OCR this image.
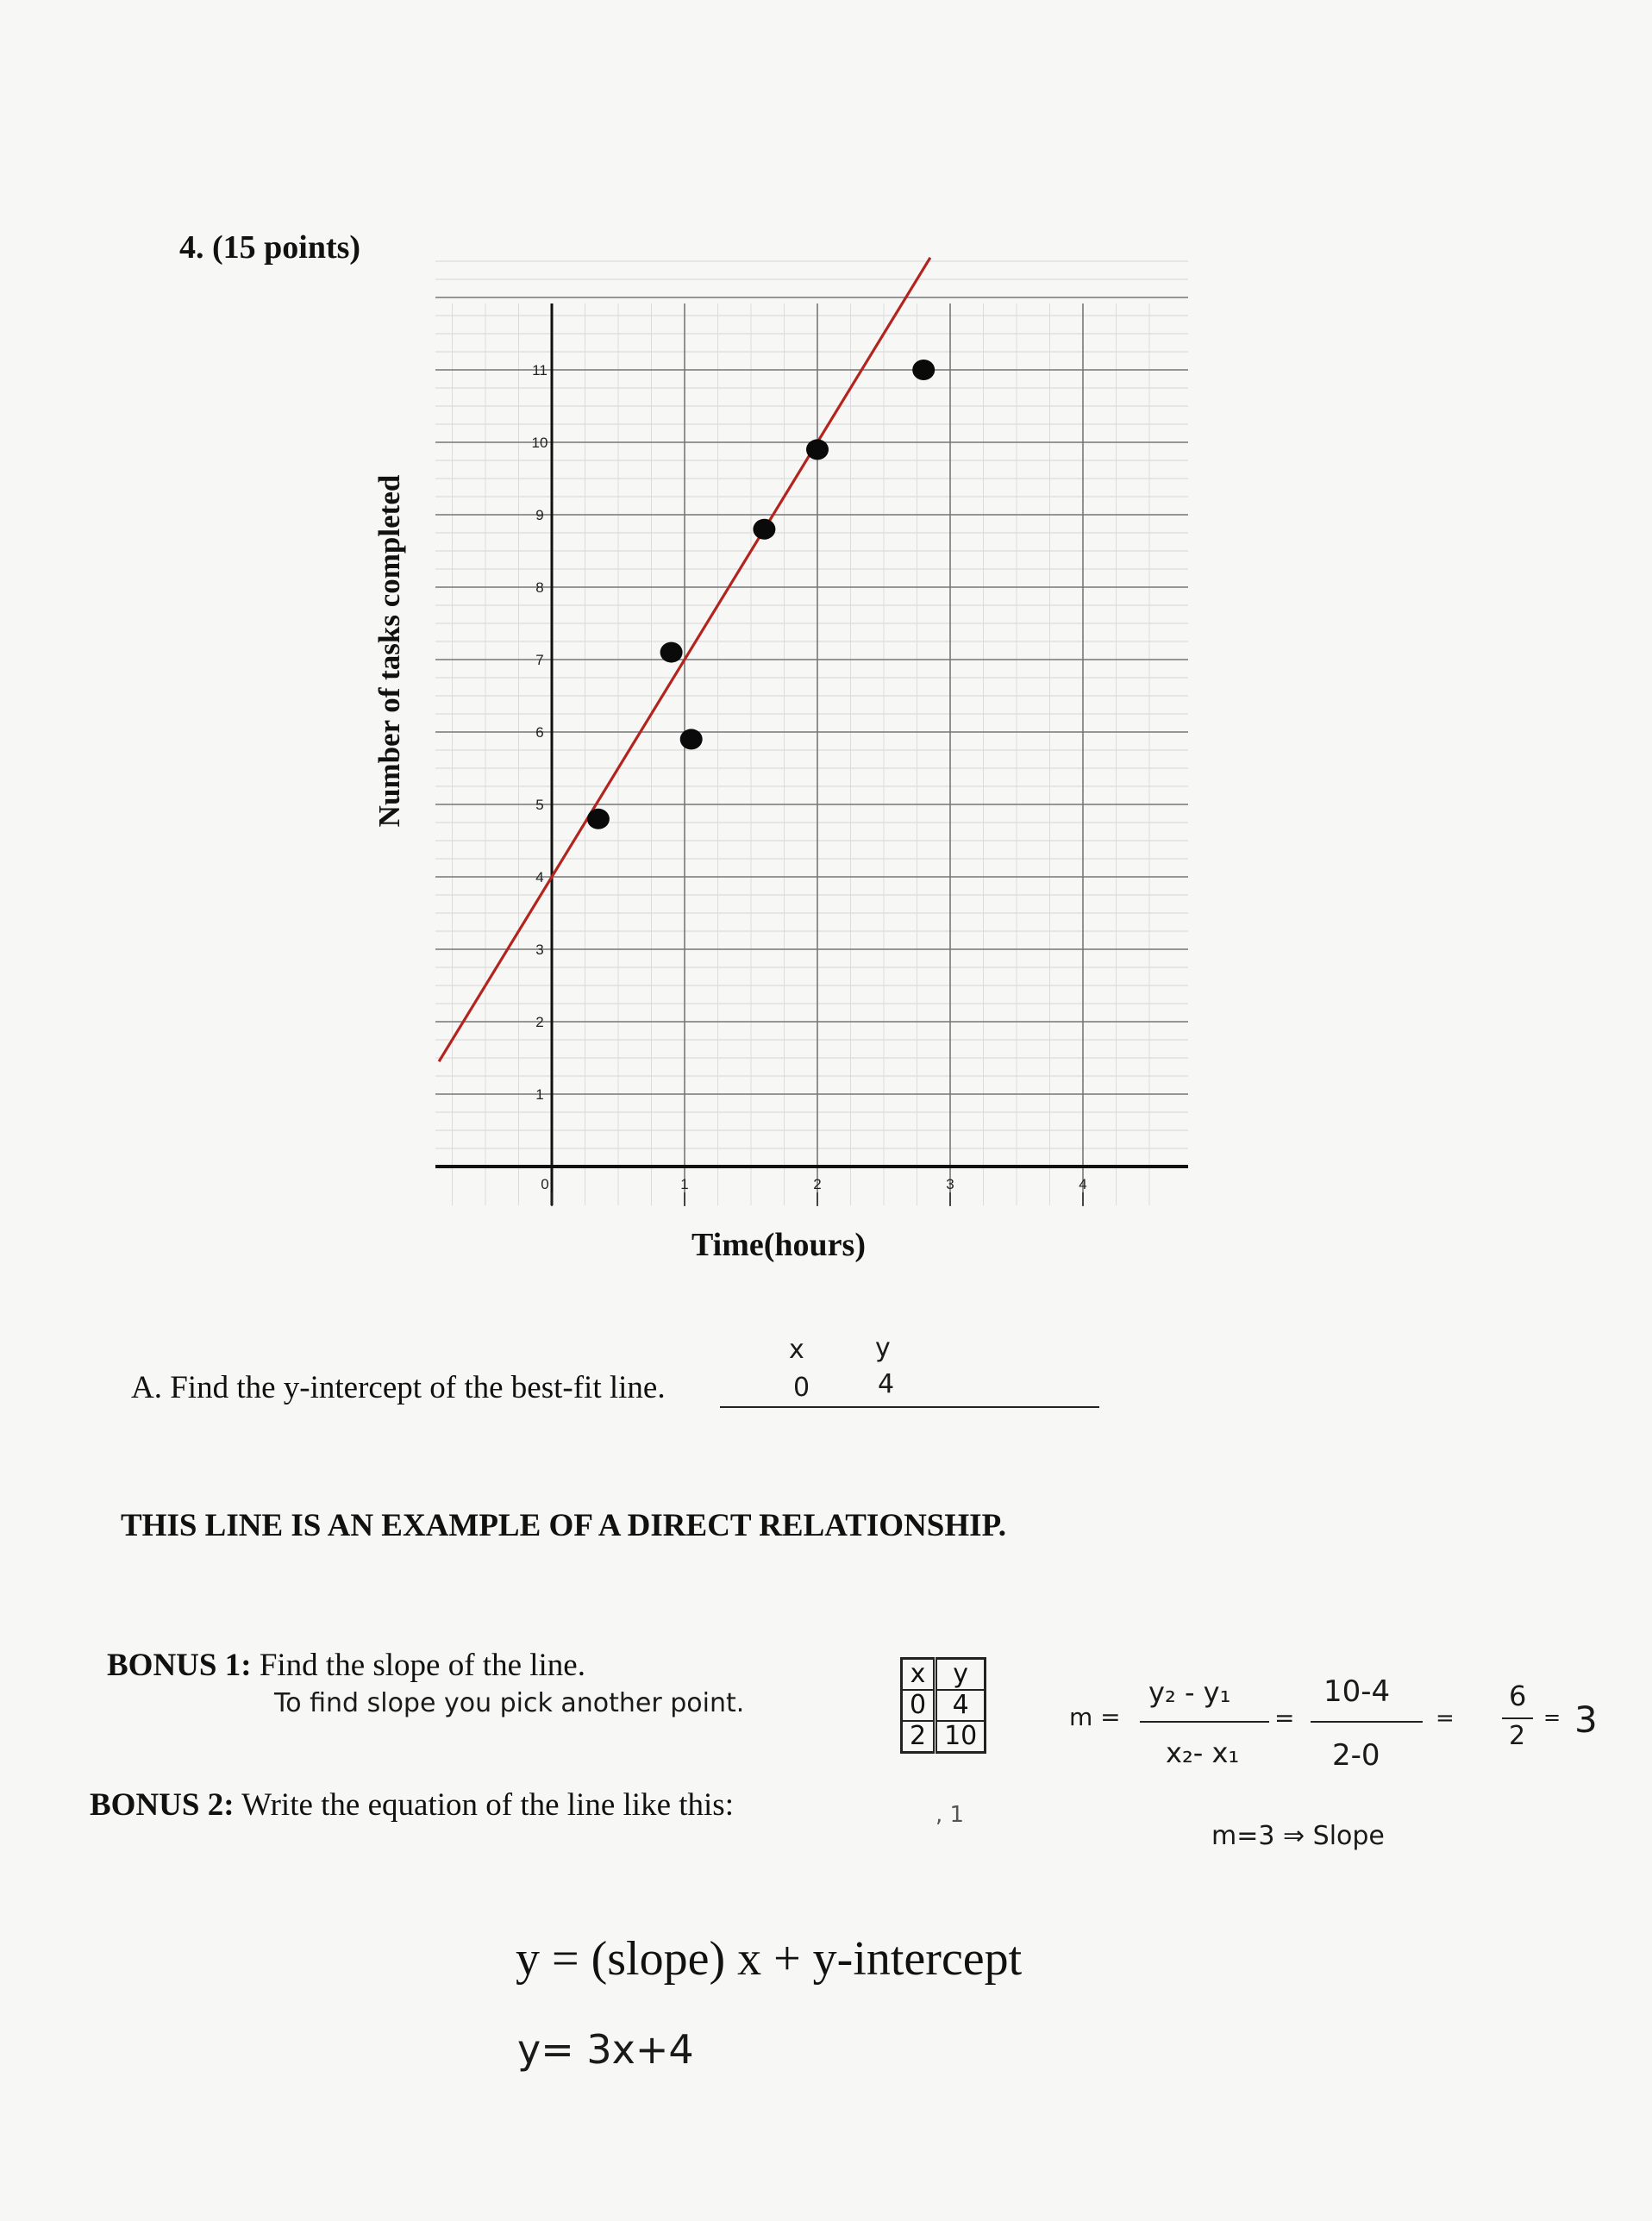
4. (15 points)
1
2
3
4
5
6
7
8
9
10
11
0	1	2	3	4
Number of tasks completed
Time(hours)
A. Find the y-intercept of the best-fit line.
x	y
0	4
THIS LINE IS AN EXAMPLE OF A DIRECT RELATIONSHIP.
BONUS 1: Find the slope of the line.
To find slope you pick another point.
x	y
0	4
2	10
m =
y₂ - y₁
x₂- x₁
=
10-4
2-0
=
6
2
= 3
m=3 ⇒ Slope
, 1
BONUS 2: Write the equation of the line like this:
y = (slope) x + y-intercept
y= 3x+4
